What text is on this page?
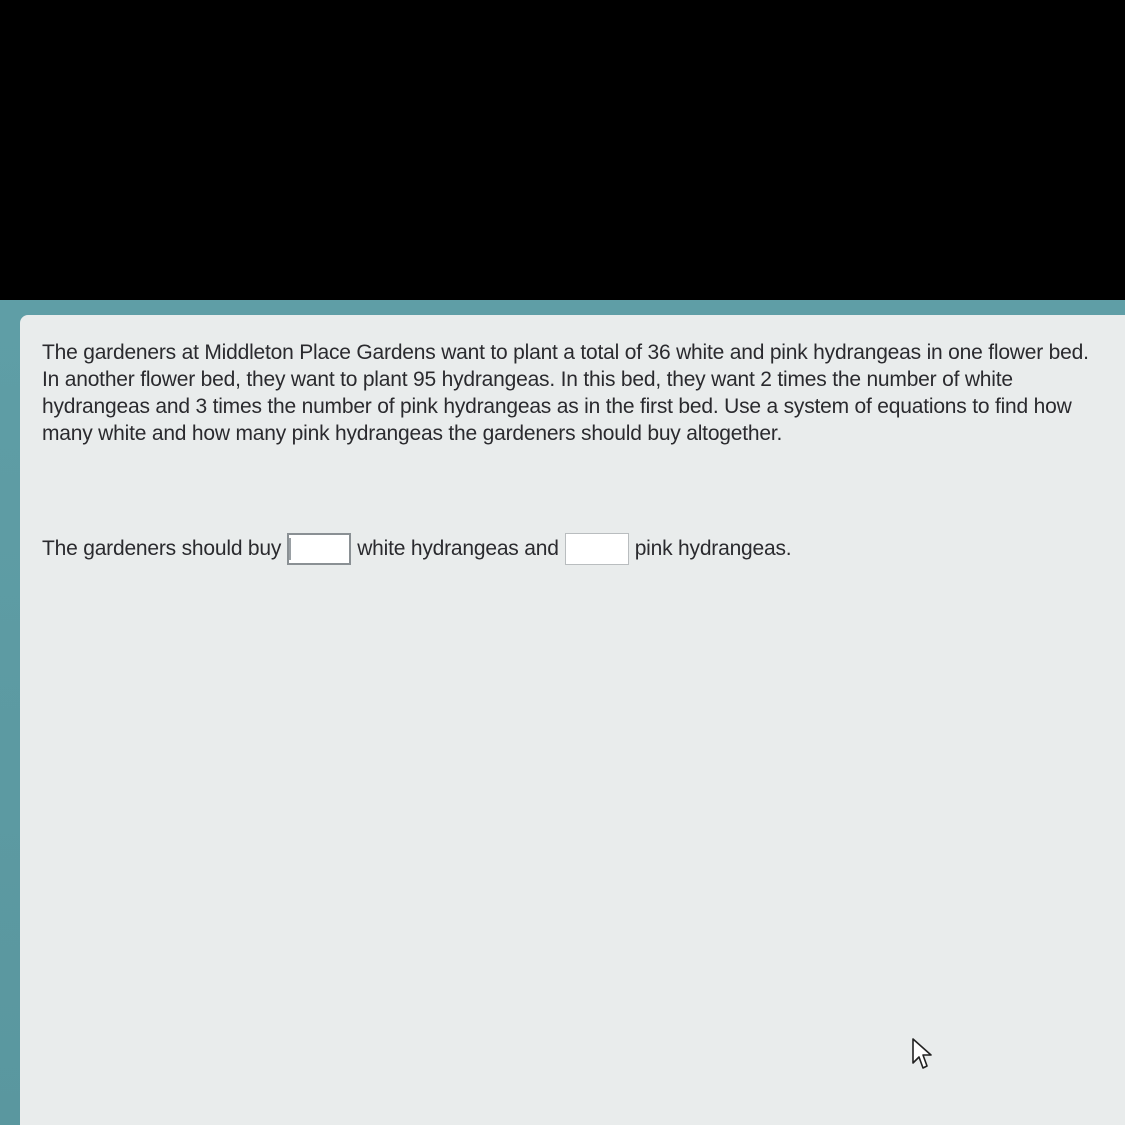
The gardeners at Middleton Place Gardens want to plant a total of 36 white and pink hydrangeas in one flower bed. In another flower bed, they want to plant 95 hydrangeas. In this bed, they want 2 times the number of white hydrangeas and 3 times the number of pink hydrangeas as in the first bed. Use a system of equations to find how many white and how many pink hydrangeas the gardeners should buy altogether.

The gardeners should buy	white hydrangeas and	pink hydrangeas.
